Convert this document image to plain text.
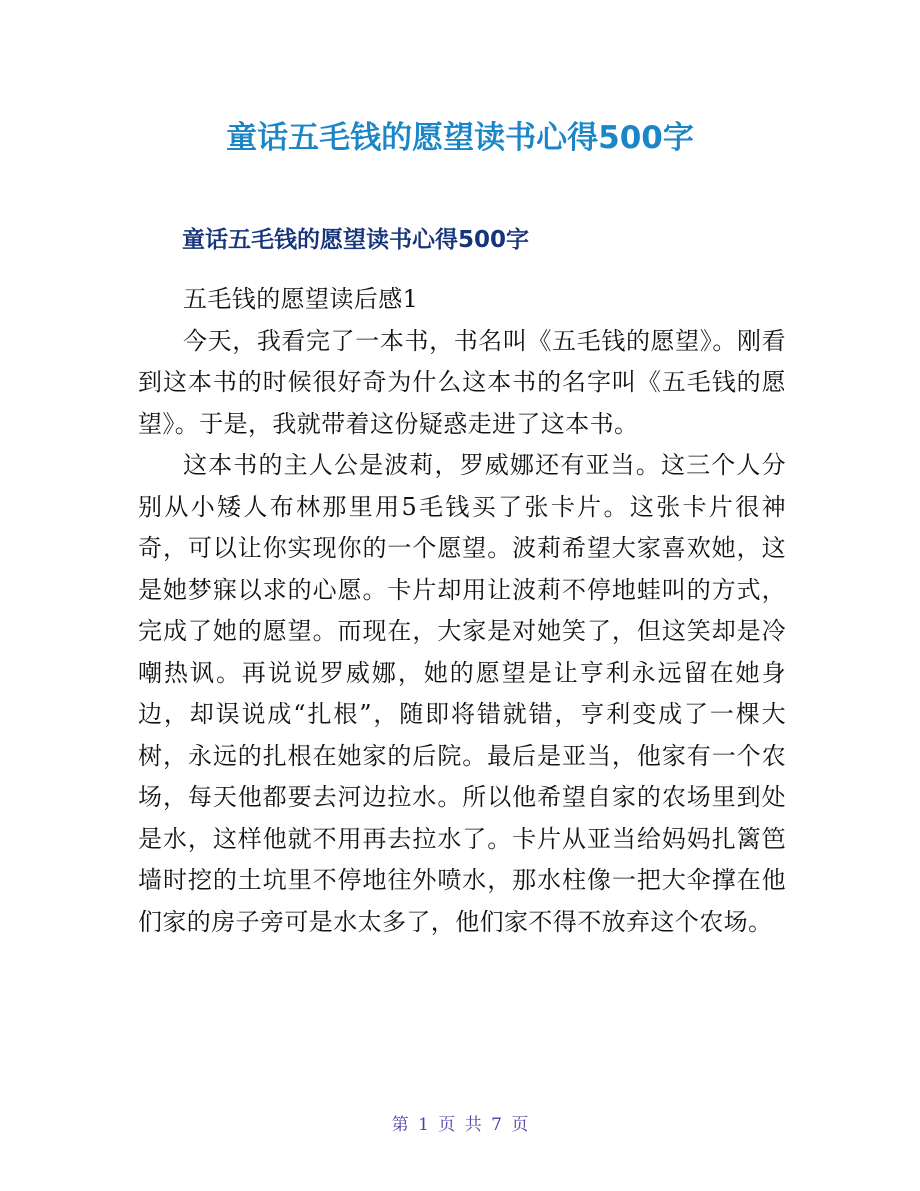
童话五毛钱的愿望读书心得500字
童话五毛钱的愿望读书心得500字

五毛钱的愿望读后感1

今天，我看完了一本书，书名叫《五毛钱的愿望》。刚看到这本书的时候很好奇为什么这本书的名字叫《五毛钱的愿望》。于是，我就带着这份疑惑走进了这本书。

这本书的主人公是波莉，罗威娜还有亚当。这三个人分别从小矮人布林那里用5毛钱买了张卡片。这张卡片很神奇，可以让你实现你的一个愿望。波莉希望大家喜欢她，这是她梦寐以求的心愿。卡片却用让波莉不停地蛙叫的方式，完成了她的愿望。而现在，大家是对她笑了，但这笑却是冷嘲热讽。再说说罗威娜，她的愿望是让亨利永远留在她身边，却误说成“扎根”，随即将错就错，亨利变成了一棵大树，永远的扎根在她家的后院。最后是亚当，他家有一个农场，每天他都要去河边拉水。所以他希望自家的农场里到处是水，这样他就不用再去拉水了。卡片从亚当给妈妈扎篱笆墙时挖的土坑里不停地往外喷水，那水柱像一把大伞撑在他们家的房子旁可是水太多了，他们家不得不放弃这个农场。

第 1 页 共 7 页
